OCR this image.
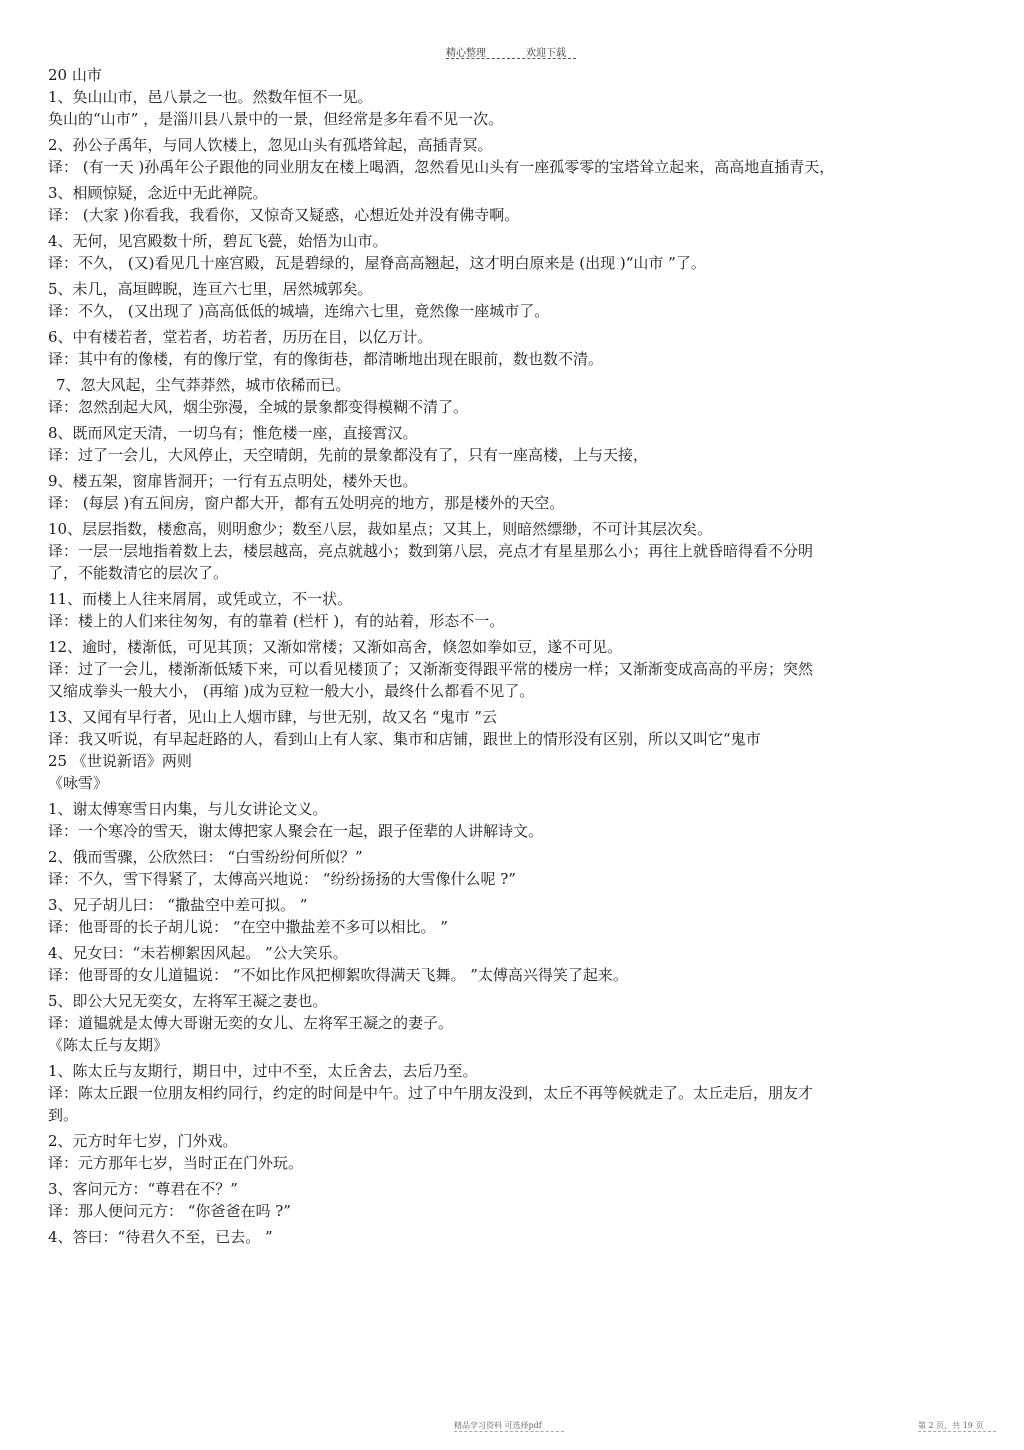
精心整理	欢迎下载
20 山市
1、奂山山市，邑八景之一也。然数年恒不一见。
奂山的“山市” ，是淄川县八景中的一景，但经常是多年看不见一次。
2、孙公子禹年，与同人饮楼上，忽见山头有孤塔耸起，高插青冥。
译： (有一天 )孙禹年公子跟他的同业朋友在楼上喝酒，忽然看见山头有一座孤零零的宝塔耸立起来，高高地直插青天，
3、相顾惊疑，念近中无此禅院。
译： (大家 )你看我，我看你，又惊奇又疑惑，心想近处并没有佛寺啊。
4、无何，见宫殿数十所，碧瓦飞甍，始悟为山市。
译：不久， (又)看见几十座宫殿，瓦是碧绿的，屋脊高高翘起，这才明白原来是 (出现 )“山市 ”了。
5、未几，高垣睥睨，连亘六七里，居然城郭矣。
译：不久， (又出现了 )高高低低的城墙，连绵六七里，竟然像一座城市了。
6、中有楼若者，堂若者，坊若者，历历在目，以亿万计。
译：其中有的像楼，有的像厅堂，有的像街巷，都清晰地出现在眼前，数也数不清。
7、忽大风起，尘气莽莽然，城市依稀而已。
译：忽然刮起大风，烟尘弥漫，全城的景象都变得模糊不清了。
8、既而风定天清，一切乌有；惟危楼一座，直接霄汉。
译：过了一会儿，大风停止，天空晴朗，先前的景象都没有了，只有一座高楼，上与天接，
9、楼五架，窗扉皆洞开；一行有五点明处，楼外天也。
译： (每层 )有五间房，窗户都大开，都有五处明亮的地方，那是楼外的天空。
10、层层指数，楼愈高，则明愈少；数至八层，裁如星点；又其上，则暗然缥缈，不可计其层次矣。
译：一层一层地指着数上去，楼层越高，亮点就越小；数到第八层，亮点才有星星那么小；再往上就昏暗得看不分明
了，不能数清它的层次了。
11、而楼上人往来屑屑，或凭或立，不一状。
译：楼上的人们来往匆匆，有的靠着 (栏杆 )，有的站着，形态不一。
12、逾时，楼渐低，可见其顶；又渐如常楼；又渐如高舍，倏忽如拳如豆，遂不可见。
译：过了一会儿，楼渐渐低矮下来，可以看见楼顶了；又渐渐变得跟平常的楼房一样；又渐渐变成高高的平房；突然
又缩成拳头一般大小， (再缩 )成为豆粒一般大小，最终什么都看不见了。
13、又闻有早行者，见山上人烟市肆，与世无别，故又名 “鬼市 ”云
译：我又听说，有早起赶路的人，看到山上有人家、集市和店铺，跟世上的情形没有区别，所以又叫它“鬼市
25 《世说新语》两则
《咏雪》
1、谢太傅寒雪日内集，与儿女讲论文义。
译：一个寒冷的雪天，谢太傅把家人聚会在一起，跟子侄辈的人讲解诗文。
2、俄而雪骤，公欣然曰： “白雪纷纷何所似？”
译：不久，雪下得紧了，太傅高兴地说： “纷纷扬扬的大雪像什么呢 ?”
3、兄子胡儿曰： “撒盐空中差可拟。 ”
译：他哥哥的长子胡儿说： “在空中撒盐差不多可以相比。 ”
4、兄女曰：“未若柳絮因风起。 ”公大笑乐。
译：他哥哥的女儿道韫说： “不如比作风把柳絮吹得满天飞舞。 ”太傅高兴得笑了起来。
5、即公大兄无奕女，左将军王凝之妻也。
译：道韫就是太傅大哥谢无奕的女儿、左将军王凝之的妻子。
《陈太丘与友期》
1、陈太丘与友期行，期日中，过中不至，太丘舍去，去后乃至。
译：陈太丘跟一位朋友相约同行，约定的时间是中午。过了中午朋友没到，太丘不再等候就走了。太丘走后，朋友才
到。
2、元方时年七岁，门外戏。
译：元方那年七岁，当时正在门外玩。
3、客问元方：“尊君在不？”
译：那人便问元方： “你爸爸在吗 ?”
4、答曰：“待君久不至，已去。 ”
精品学习资料 可选择pdf	第 2 页，共 19 页
